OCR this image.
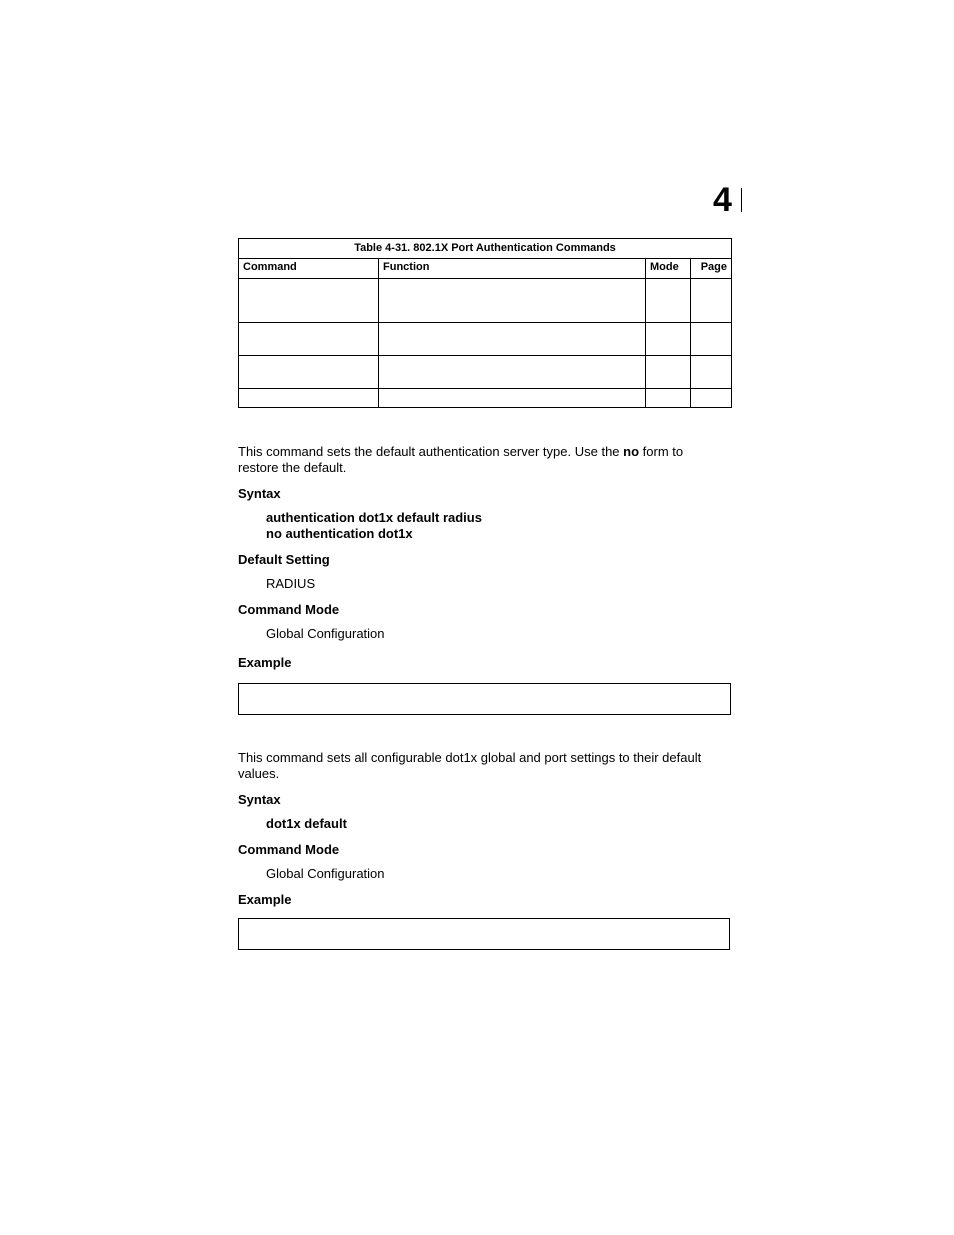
4
Table 4-31. 802.1X Port Authentication Commands			
Command	Function	Mode	Page

This command sets the default authentication server type. Use the no form to restore the default.
Syntax
authentication dot1x default radius
no authentication dot1x
Default Setting
RADIUS
Command Mode
Global Configuration
Example
This command sets all configurable dot1x global and port settings to their default values.
Syntax
dot1x default
Command Mode
Global Configuration
Example
